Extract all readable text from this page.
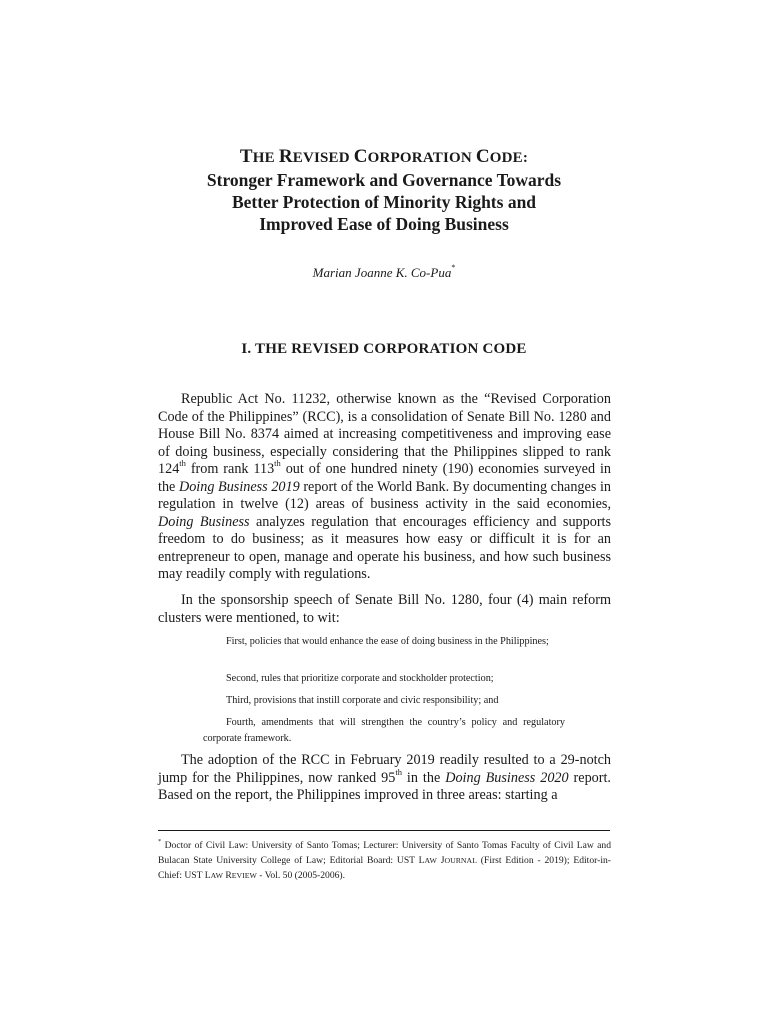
THE REVISED CORPORATION CODE:
Stronger Framework and Governance Towards
Better Protection of Minority Rights and
Improved Ease of Doing Business
Marian Joanne K. Co-Pua*
I. THE REVISED CORPORATION CODE

Republic Act No. 11232, otherwise known as the “Revised Corporation Code of the Philippines” (RCC), is a consolidation of Senate Bill No. 1280 and House Bill No. 8374 aimed at increasing competitiveness and improving ease of doing business, especially considering that the Philippines slipped to rank 124th from rank 113th out of one hundred ninety (190) economies surveyed in the Doing Business 2019 report of the World Bank. By documenting changes in regulation in twelve (12) areas of business activity in the said economies, Doing Business analyzes regulation that encourages efficiency and supports freedom to do business; as it measures how easy or difficult it is for an entrepreneur to open, manage and operate his business, and how such business may readily comply with regulations.

In the sponsorship speech of Senate Bill No. 1280, four (4) main reform clusters were mentioned, to wit:

First, policies that would enhance the ease of doing business in the Philippines;

Second, rules that prioritize corporate and stockholder protection;

Third, provisions that instill corporate and civic responsibility; and

Fourth, amendments that will strengthen the country’s policy and regulatory corporate framework.

The adoption of the RCC in February 2019 readily resulted to a 29-notch jump for the Philippines, now ranked 95th in the Doing Business 2020 report. Based on the report, the Philippines improved in three areas: starting a

* Doctor of Civil Law: University of Santo Tomas; Lecturer: University of Santo Tomas Faculty of Civil Law and Bulacan State University College of Law; Editorial Board: UST LAW JOURNAL (First Edition - 2019); Editor-in-Chief: UST LAW REVIEW - Vol. 50 (2005-2006).
